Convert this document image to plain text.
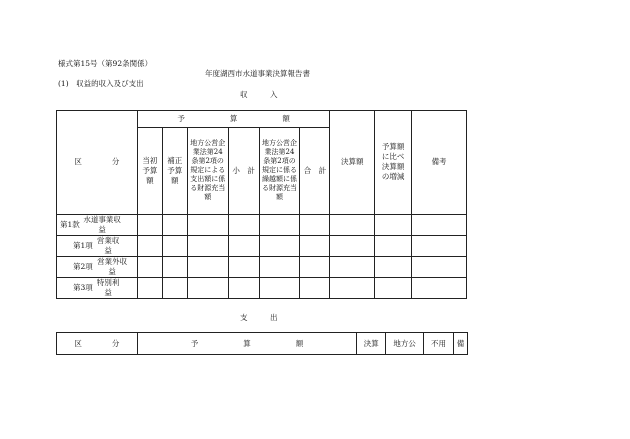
様式第15号（第92条関係）
年度湖西市水道事業決算報告書
(1)　収益的収入及び支出
収　　　入
区　　　　分	予　　　　　　算　　　　　　額						決算額	予算額に比べ決算額の増減	備考
	当初予算額	補正予算額	地方公営企業法第24条第2項の規定による支出額に係る財源充当額	小　計	地方公営企業法第24条第2項の規定に係る繰越額に係る財源充当額	合　計			
第1款 水道事業収益									
第1項 営業収益									
第2項 営業外収益									
第3項 特別利益									
支　　　出
区　　　　分	予　　　　　　算　　　　　　額	決算	地方公	不用	備
